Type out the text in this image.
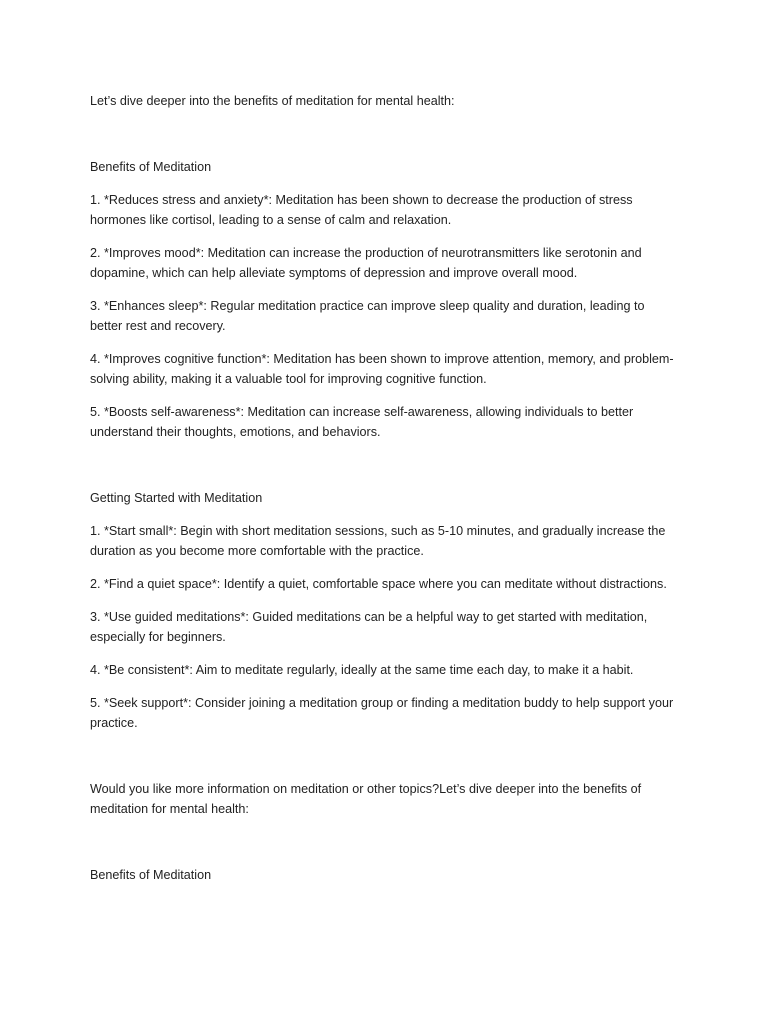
Let’s dive deeper into the benefits of meditation for mental health:

Benefits of Meditation

1. *Reduces stress and anxiety*: Meditation has been shown to decrease the production of stress hormones like cortisol, leading to a sense of calm and relaxation.

2. *Improves mood*: Meditation can increase the production of neurotransmitters like serotonin and dopamine, which can help alleviate symptoms of depression and improve overall mood.

3. *Enhances sleep*: Regular meditation practice can improve sleep quality and duration, leading to better rest and recovery.

4. *Improves cognitive function*: Meditation has been shown to improve attention, memory, and problem-solving ability, making it a valuable tool for improving cognitive function.

5. *Boosts self-awareness*: Meditation can increase self-awareness, allowing individuals to better understand their thoughts, emotions, and behaviors.

Getting Started with Meditation

1. *Start small*: Begin with short meditation sessions, such as 5-10 minutes, and gradually increase the duration as you become more comfortable with the practice.

2. *Find a quiet space*: Identify a quiet, comfortable space where you can meditate without distractions.

3. *Use guided meditations*: Guided meditations can be a helpful way to get started with meditation, especially for beginners.

4. *Be consistent*: Aim to meditate regularly, ideally at the same time each day, to make it a habit.

5. *Seek support*: Consider joining a meditation group or finding a meditation buddy to help support your practice.

Would you like more information on meditation or other topics?Let’s dive deeper into the benefits of meditation for mental health:

Benefits of Meditation
